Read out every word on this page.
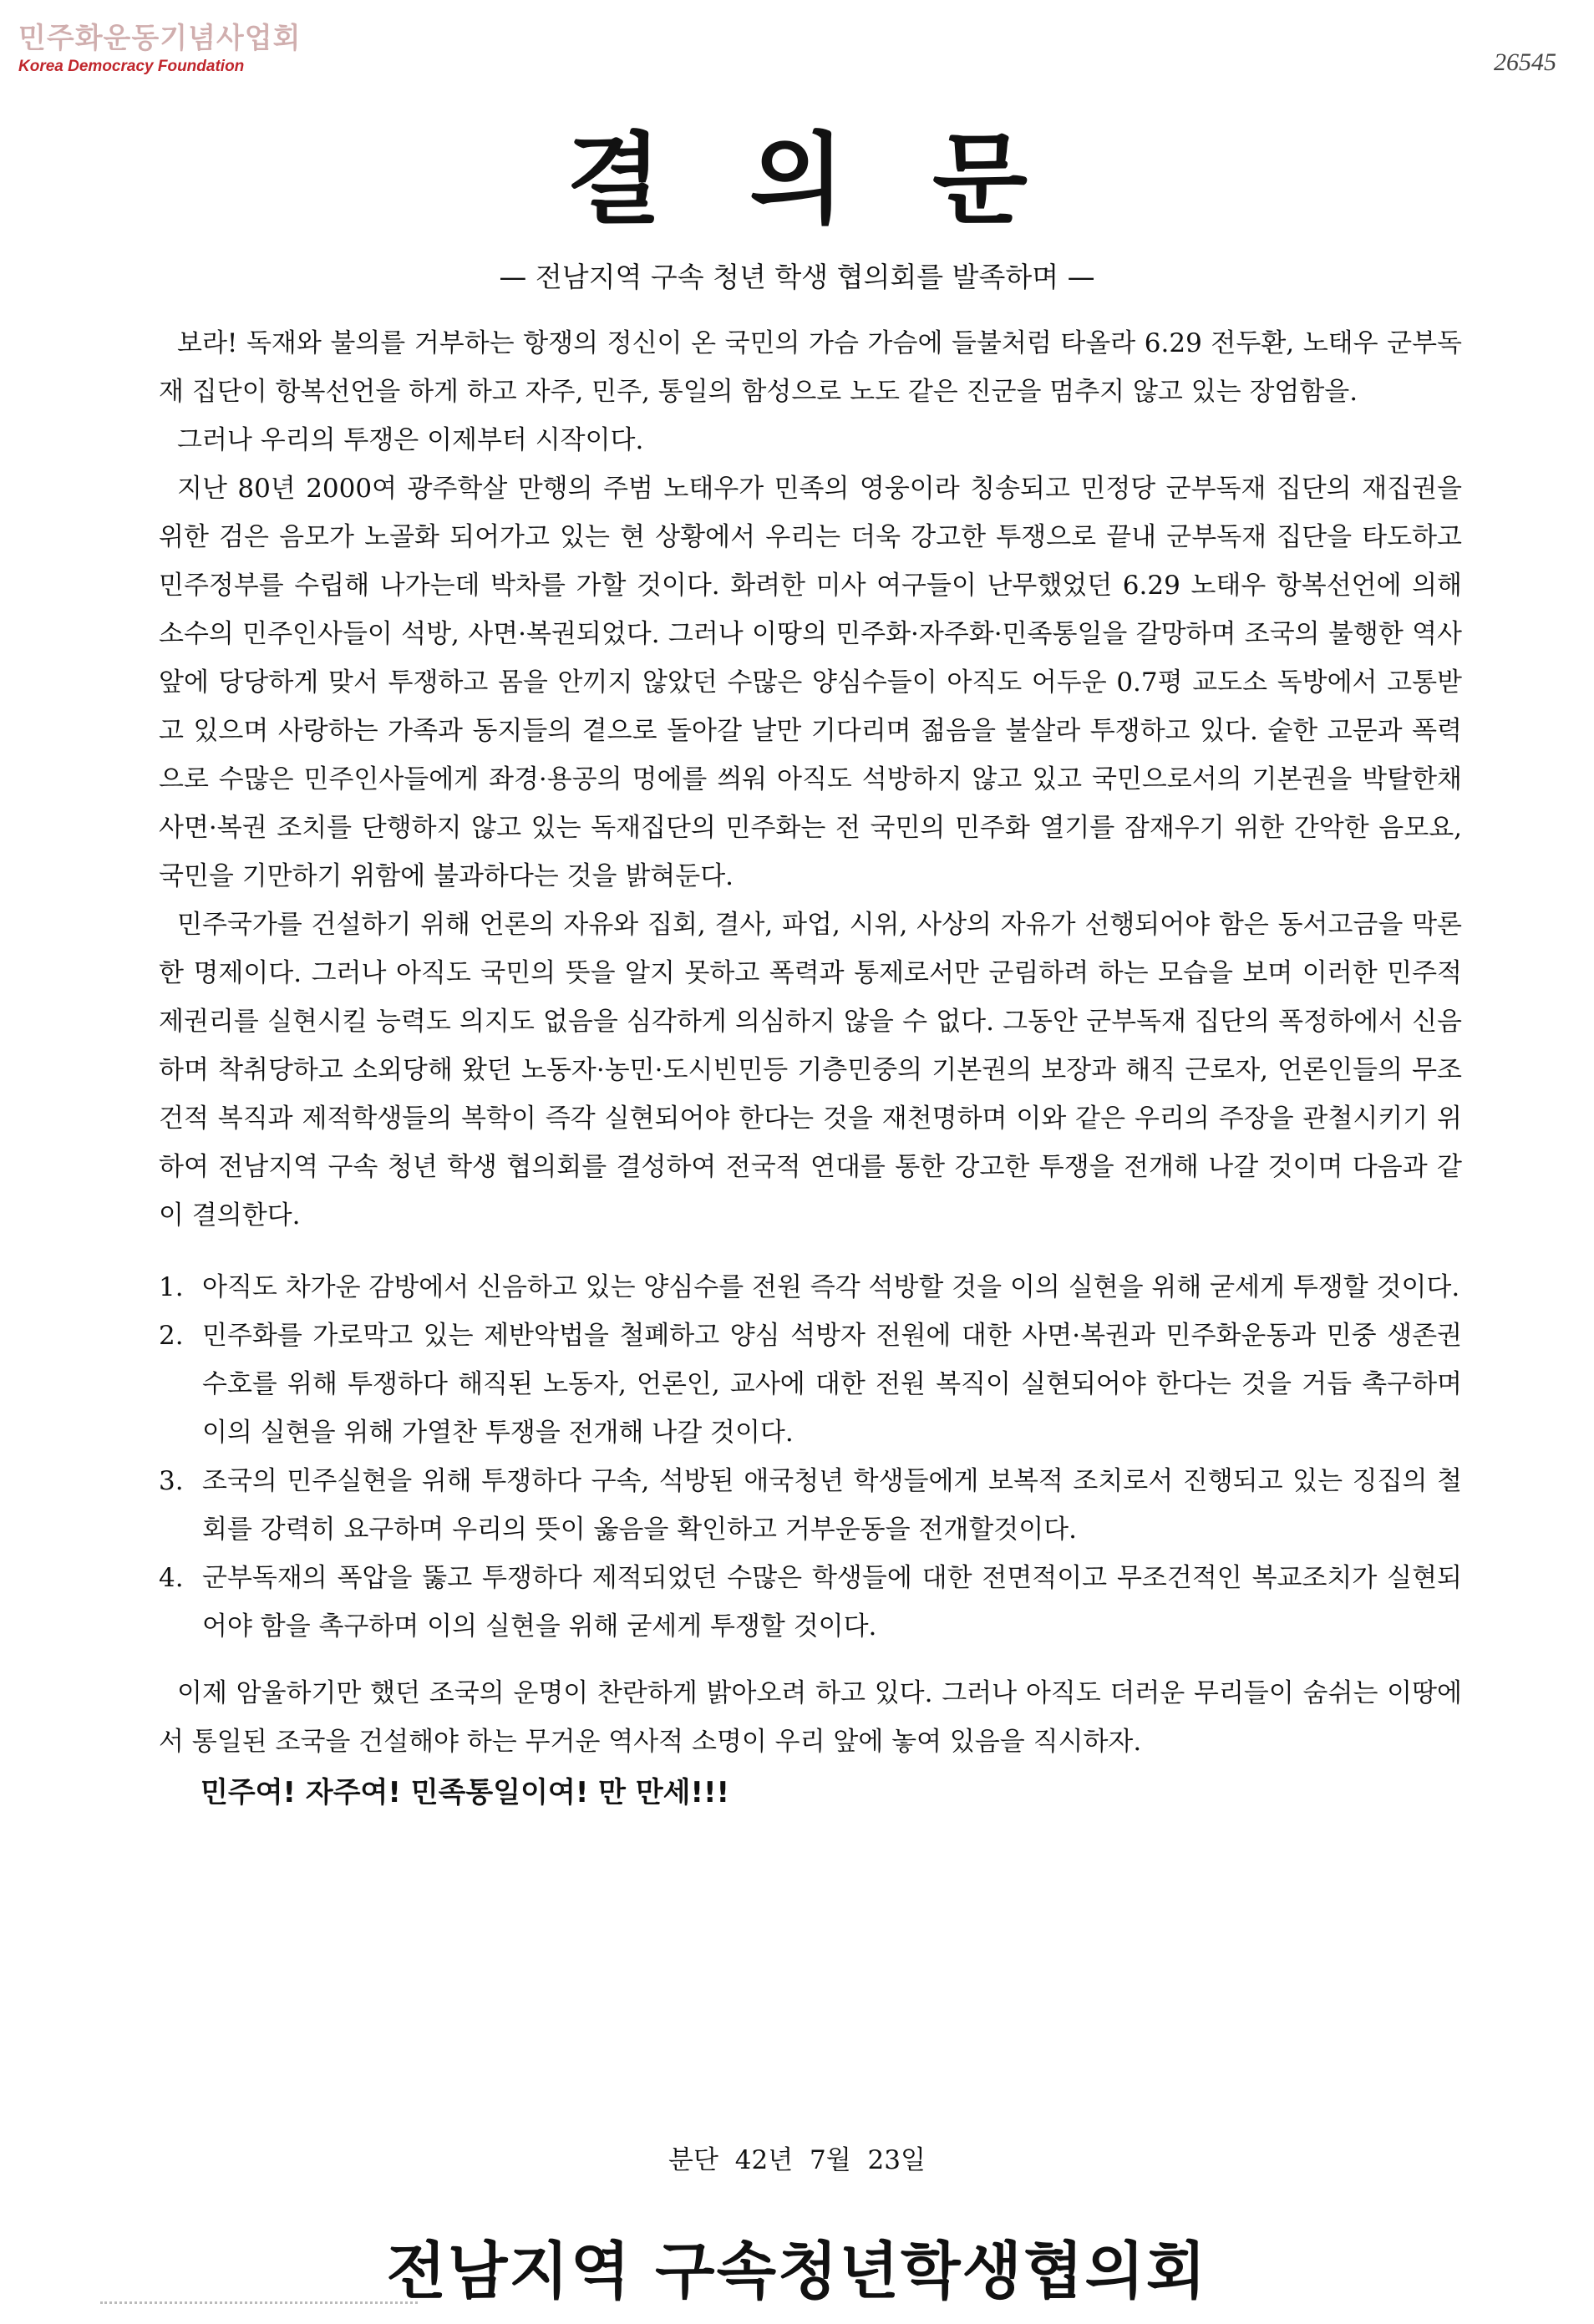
민주화운동기념사업회
Korea Democracy Foundation	26545
결의문
— 전남지역 구속 청년 학생 협의회를 발족하며 —

보라! 독재와 불의를 거부하는 항쟁의 정신이 온 국민의 가슴 가슴에 들불처럼 타올라 6.29 전두환, 노태우 군부독재 집단이 항복선언을 하게 하고 자주, 민주, 통일의 함성으로 노도 같은 진군을 멈추지 않고 있는 장엄함을.

그러나 우리의 투쟁은 이제부터 시작이다.

지난 80년 2000여 광주학살 만행의 주범 노태우가 민족의 영웅이라 칭송되고 민정당 군부독재 집단의 재집권을 위한 검은 음모가 노골화 되어가고 있는 현 상황에서 우리는 더욱 강고한 투쟁으로 끝내 군부독재 집단을 타도하고 민주정부를 수립해 나가는데 박차를 가할 것이다. 화려한 미사 여구들이 난무했었던 6.29 노태우 항복선언에 의해 소수의 민주인사들이 석방, 사면·복권되었다. 그러나 이땅의 민주화·자주화·민족통일을 갈망하며 조국의 불행한 역사 앞에 당당하게 맞서 투쟁하고 몸을 안끼지 않았던 수많은 양심수들이 아직도 어두운 0.7평 교도소 독방에서 고통받고 있으며 사랑하는 가족과 동지들의 곁으로 돌아갈 날만 기다리며 젊음을 불살라 투쟁하고 있다. 숱한 고문과 폭력으로 수많은 민주인사들에게 좌경·용공의 멍에를 씌워 아직도 석방하지 않고 있고 국민으로서의 기본권을 박탈한채 사면·복권 조치를 단행하지 않고 있는 독재집단의 민주화는 전 국민의 민주화 열기를 잠재우기 위한 간악한 음모요, 국민을 기만하기 위함에 불과하다는 것을 밝혀둔다.

민주국가를 건설하기 위해 언론의 자유와 집회, 결사, 파업, 시위, 사상의 자유가 선행되어야 함은 동서고금을 막론한 명제이다. 그러나 아직도 국민의 뜻을 알지 못하고 폭력과 통제로서만 군림하려 하는 모습을 보며 이러한 민주적 제권리를 실현시킬 능력도 의지도 없음을 심각하게 의심하지 않을 수 없다. 그동안 군부독재 집단의 폭정하에서 신음하며 착취당하고 소외당해 왔던 노동자·농민·도시빈민등 기층민중의 기본권의 보장과 해직 근로자, 언론인들의 무조건적 복직과 제적학생들의 복학이 즉각 실현되어야 한다는 것을 재천명하며 이와 같은 우리의 주장을 관철시키기 위하여 전남지역 구속 청년 학생 협의회를 결성하여 전국적 연대를 통한 강고한 투쟁을 전개해 나갈 것이며 다음과 같이 결의한다.

1. 아직도 차가운 감방에서 신음하고 있는 양심수를 전원 즉각 석방할 것을 이의 실현을 위해 굳세게 투쟁할 것이다.
2. 민주화를 가로막고 있는 제반악법을 철폐하고 양심 석방자 전원에 대한 사면·복권과 민주화운동과 민중 생존권 수호를 위해 투쟁하다 해직된 노동자, 언론인, 교사에 대한 전원 복직이 실현되어야 한다는 것을 거듭 촉구하며 이의 실현을 위해 가열찬 투쟁을 전개해 나갈 것이다.
3. 조국의 민주실현을 위해 투쟁하다 구속, 석방된 애국청년 학생들에게 보복적 조치로서 진행되고 있는 징집의 철회를 강력히 요구하며 우리의 뜻이 옳음을 확인하고 거부운동을 전개할것이다.
4. 군부독재의 폭압을 뚫고 투쟁하다 제적되었던 수많은 학생들에 대한 전면적이고 무조건적인 복교조치가 실현되어야 함을 촉구하며 이의 실현을 위해 굳세게 투쟁할 것이다.

이제 암울하기만 했던 조국의 운명이 찬란하게 밝아오려 하고 있다. 그러나 아직도 더러운 무리들이 숨쉬는 이땅에서 통일된 조국을 건설해야 하는 무거운 역사적 소명이 우리 앞에 놓여 있음을 직시하자.

민주여! 자주여! 민족통일이여! 만 만세!!!
분단 42년 7월 23일
전남지역 구속청년학생협의회
